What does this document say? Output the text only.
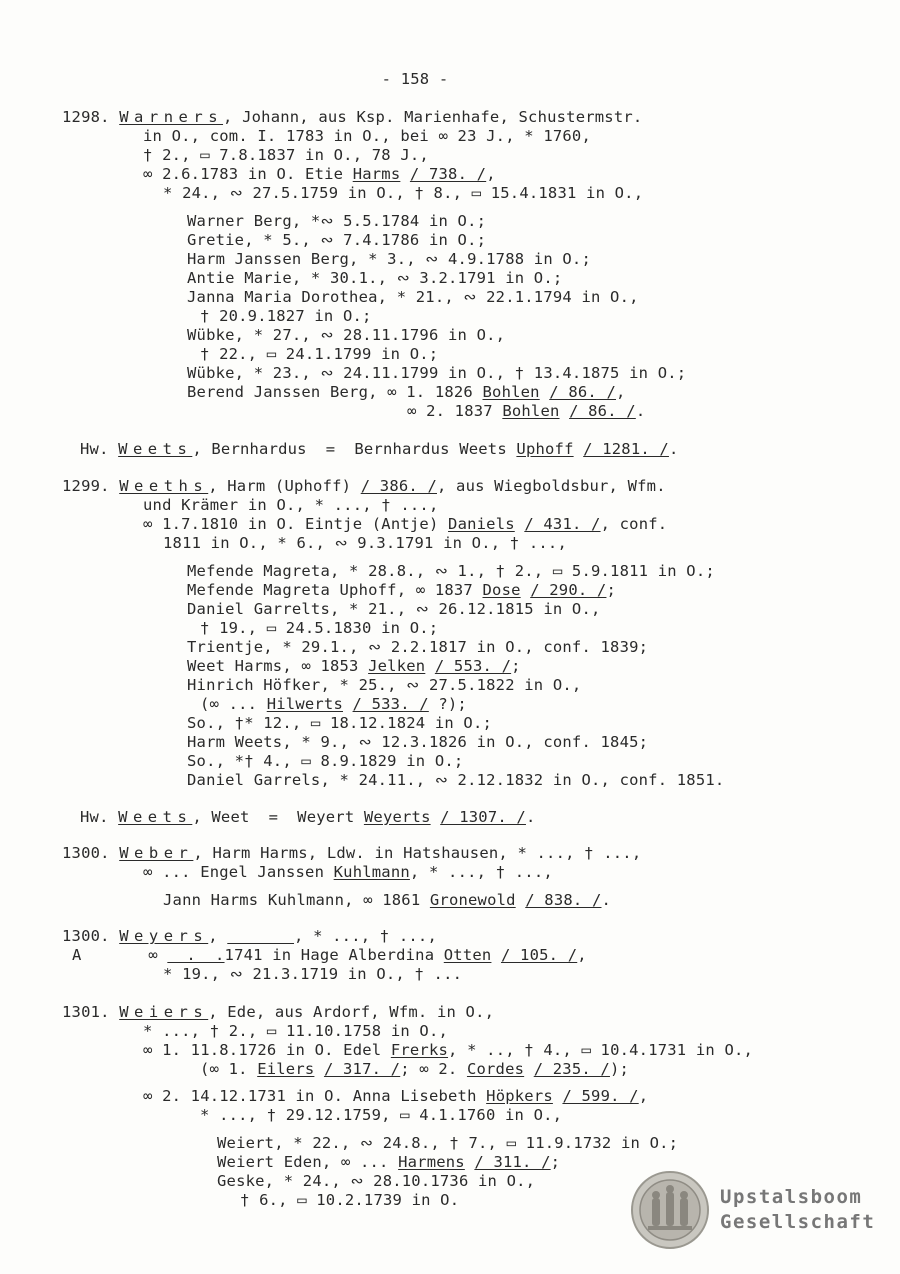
- 158 -
1298. Warners, Johann, aus Ksp. Marienhafe, Schustermstr.
in O., com. I. 1783 in O., bei ∞ 23 J., * 1760,
† 2., ▭ 7.8.1837 in O., 78 J.,
∞ 2.6.1783 in O. Etie Harms / 738. /,
* 24., ∾ 27.5.1759 in O., † 8., ▭ 15.4.1831 in O.,
Warner Berg, *∾ 5.5.1784 in O.;
Gretie, * 5., ∾ 7.4.1786 in O.;
Harm Janssen Berg, * 3., ∾ 4.9.1788 in O.;
Antie Marie, * 30.1., ∾ 3.2.1791 in O.;
Janna Maria Dorothea, * 21., ∾ 22.1.1794 in O.,
† 20.9.1827 in O.;
Wübke, * 27., ∾ 28.11.1796 in O.,
† 22., ▭ 24.1.1799 in O.;
Wübke, * 23., ∾ 24.11.1799 in O., † 13.4.1875 in O.;
Berend Janssen Berg, ∞ 1. 1826 Bohlen / 86. /,
∞ 2. 1837 Bohlen / 86. /.
Hw. Weets, Bernhardus  =  Bernhardus Weets Uphoff / 1281. /.
1299. Weeths, Harm (Uphoff) / 386. /, aus Wiegboldsbur, Wfm.
und Krämer in O., * ..., † ...,
∞ 1.7.1810 in O. Eintje (Antje) Daniels / 431. /, conf.
1811 in O., * 6., ∾ 9.3.1791 in O., † ...,
Mefende Magreta, * 28.8., ∾ 1., † 2., ▭ 5.9.1811 in O.;
Mefende Magreta Uphoff, ∞ 1837 Dose / 290. /;
Daniel Garrelts, * 21., ∾ 26.12.1815 in O.,
† 19., ▭ 24.5.1830 in O.;
Trientje, * 29.1., ∾ 2.2.1817 in O., conf. 1839;
Weet Harms, ∞ 1853 Jelken / 553. /;
Hinrich Höfker, * 25., ∾ 27.5.1822 in O.,
(∞ ... Hilwerts / 533. / ?);
So., †* 12., ▭ 18.12.1824 in O.;
Harm Weets, * 9., ∾ 12.3.1826 in O., conf. 1845;
So., *† 4., ▭ 8.9.1829 in O.;
Daniel Garrels, * 24.11., ∾ 2.12.1832 in O., conf. 1851.
Hw. Weets, Weet  =  Weyert Weyerts / 1307. /.
1300. Weber, Harm Harms, Ldw. in Hatshausen, * ..., † ...,
∞ ... Engel Janssen Kuhlmann, * ..., † ...,
Jann Harms Kuhlmann, ∞ 1861 Gronewold / 838. /.
1300. Weyers,	, * ..., † ...,
A       ∞   .  .1741 in Hage Alberdina Otten / 105. /,
* 19., ∾ 21.3.1719 in O., † ...
1301. Weiers, Ede, aus Ardorf, Wfm. in O.,
* ..., † 2., ▭ 11.10.1758 in O.,
∞ 1. 11.8.1726 in O. Edel Frerks, * .., † 4., ▭ 10.4.1731 in O.,
(∞ 1. Eilers / 317. /; ∞ 2. Cordes / 235. /);
∞ 2. 14.12.1731 in O. Anna Lisebeth Höpkers / 599. /,
* ..., † 29.12.1759, ▭ 4.1.1760 in O.,
Weiert, * 22., ∾ 24.8., † 7., ▭ 11.9.1732 in O.;
Weiert Eden, ∞ ... Harmens / 311. /;
Geske, * 24., ∾ 28.10.1736 in O.,
† 6., ▭ 10.2.1739 in O.	Upstalsboom
Gesellschaft
